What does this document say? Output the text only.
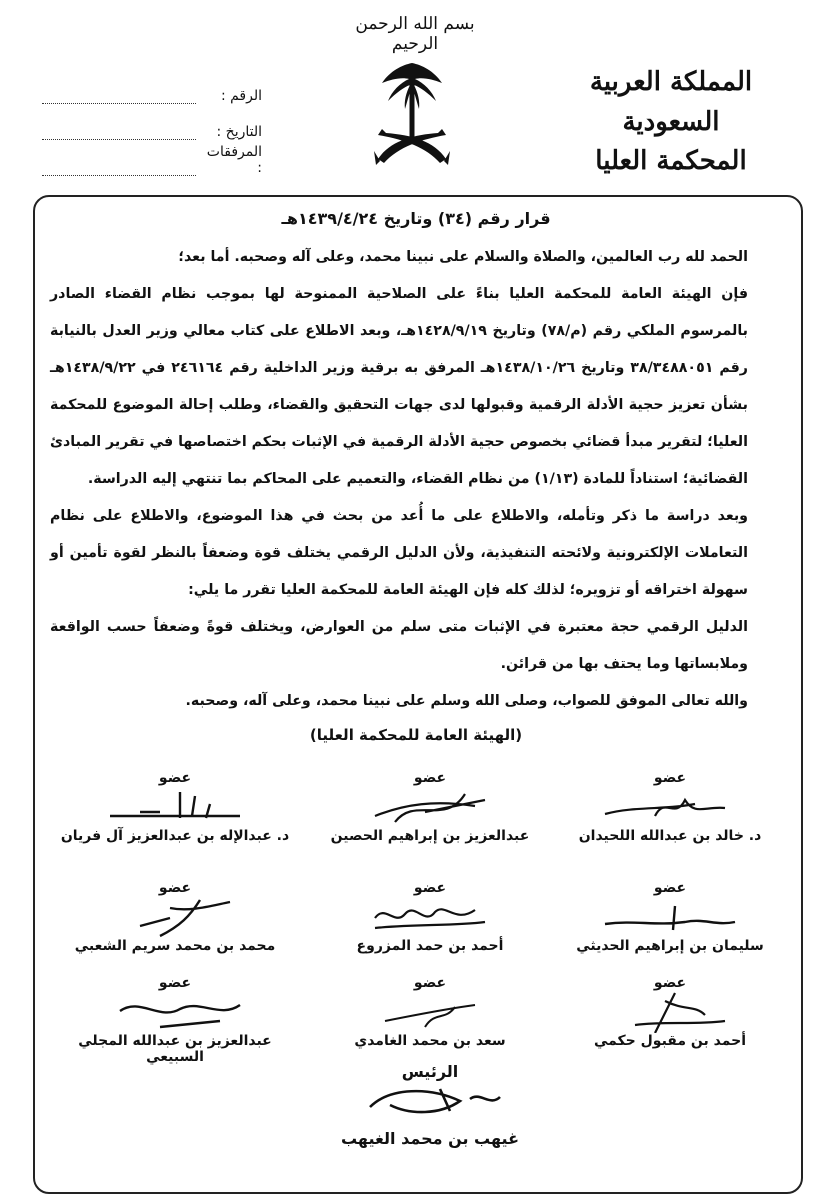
بسم الله الرحمن الرحيم
المملكة العربية السعودية
المحكمة العليا
الرقم :
التاريخ :
المرفقات :
قرار رقم (٣٤) وتاريخ ١٤٣٩/٤/٢٤هـ

الحمد لله رب العالمين، والصلاة والسلام على نبينا محمد، وعلى آله وصحبه. أما بعد؛

فإن الهيئة العامة للمحكمة العليا بناءً على الصلاحية الممنوحة لها بموجب نظام القضاء الصادر بالمرسوم الملكي رقم (م/٧٨) وتاريخ ١٤٢٨/٩/١٩هـ، وبعد الاطلاع على كتاب معالي وزير العدل بالنيابة رقم ٣٨/٣٤٨٨٠٥١ وتاريخ ١٤٣٨/١٠/٢٦هـ المرفق به برقية وزير الداخلية رقم ٢٤٦١٦٤ في ١٤٣٨/٩/٢٢هـ بشأن تعزيز حجية الأدلة الرقمية وقبولها لدى جهات التحقيق والقضاء، وطلب إحالة الموضوع للمحكمة العليا؛ لتقرير مبدأ قضائي بخصوص حجية الأدلة الرقمية في الإثبات بحكم اختصاصها في تقرير المبادئ القضائية؛ استناداً للمادة (١/١٣) من نظام القضاء، والتعميم على المحاكم بما تنتهي إليه الدراسة.

وبعد دراسة ما ذكر وتأمله، والاطلاع على ما أُعد من بحث في هذا الموضوع، والاطلاع على نظام التعاملات الإلكترونية ولائحته التنفيذية، ولأن الدليل الرقمي يختلف قوة وضعفاً بالنظر لقوة تأمين أو سهولة اختراقه أو تزويره؛ لذلك كله فإن الهيئة العامة للمحكمة العليا تقرر ما يلي:

الدليل الرقمي حجة معتبرة في الإثبات متى سلم من العوارض، ويختلف قوةً وضعفاً حسب الواقعة وملابساتها وما يحتف بها من قرائن.

والله تعالى الموفق للصواب، وصلى الله وسلم على نبينا محمد، وعلى آله، وصحبه.

(الهيئة العامة للمحكمة العليا)
عضو
د. خالد بن عبدالله اللحيدان
عضو
عبدالعزيز بن إبراهيم الحصين
عضو
د. عبدالإله بن عبدالعزيز آل فريان
عضو
سليمان بن إبراهيم الحديثي
عضو
أحمد بن حمد المزروع
عضو
محمد بن محمد سريم الشعبي
عضو
أحمد بن مقبول حكمي
عضو
سعد بن محمد الغامدي
عضو
عبدالعزيز بن عبدالله المجلي السبيعي
الرئيس
غيهب بن محمد الغيهب
